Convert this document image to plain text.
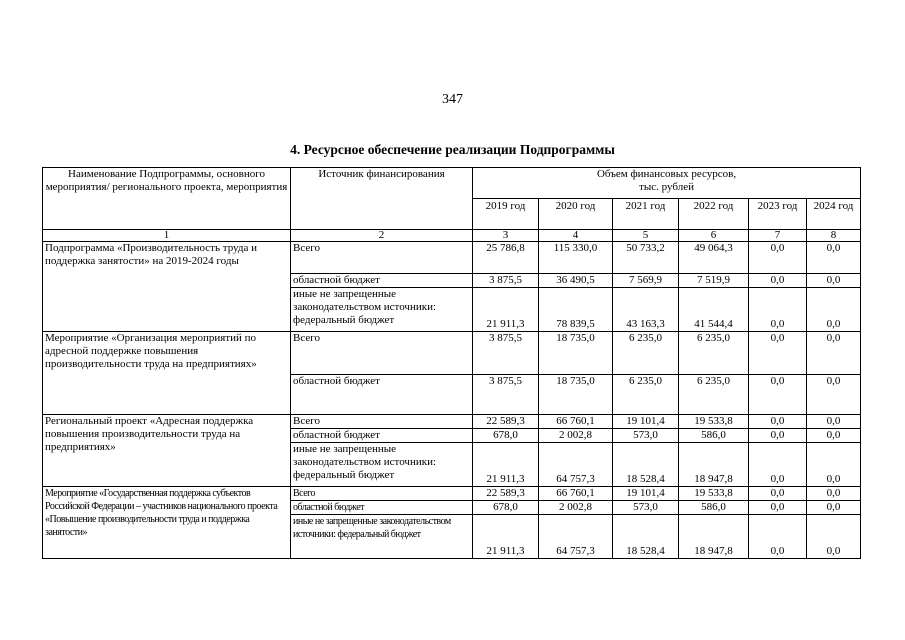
347
4. Ресурсное обеспечение реализации Подпрограммы
Наименование Подпрограммы, основного мероприятия/ регионального проекта, мероприятия	Источник финансирования	Объем финансовых ресурсов,
тыс. рублей					

		2019 год	2020 год	2021 год	2022 год	2023 год	2024 год
1	2	3	4	5	6	7	8
Подпрограмма «Производительность труда и поддержка занятости» на 2019-2024 годы	Всего	25 786,8	115 330,0	50 733,2	49 064,3	0,0	0,0
	областной бюджет	3 875,5	36 490,5	7 569,9	7 519,9	0,0	0,0
	иные не запрещенные законодательством источники: федеральный бюджет	21 911,3	78 839,5	43 163,3	41 544,4	0,0	0,0
Мероприятие «Организация мероприятий по адресной поддержке повышения производительности труда на предприятиях»	Всего	3 875,5	18 735,0	6 235,0	6 235,0	0,0	0,0
	областной бюджет	3 875,5	18 735,0	6 235,0	6 235,0	0,0	0,0
Региональный проект «Адресная поддержка повышения производительности труда на предприятиях»	Всего	22 589,3	66 760,1	19 101,4	19 533,8	0,0	0,0
	областной бюджет	678,0	2 002,8	573,0	586,0	0,0	0,0
	иные не запрещенные законодательством источники: федеральный бюджет	21 911,3	64 757,3	18 528,4	18 947,8	0,0	0,0
Мероприятие «Государственная поддержка субъектов Российской Федерации – участников национального проекта «Повышение производительности труда и поддержка занятости»	Всего	22 589,3	66 760,1	19 101,4	19 533,8	0,0	0,0
	областной бюджет	678,0	2 002,8	573,0	586,0	0,0	0,0
	иные не запрещенные законодательством источники: федеральный бюджет	21 911,3	64 757,3	18 528,4	18 947,8	0,0	0,0
